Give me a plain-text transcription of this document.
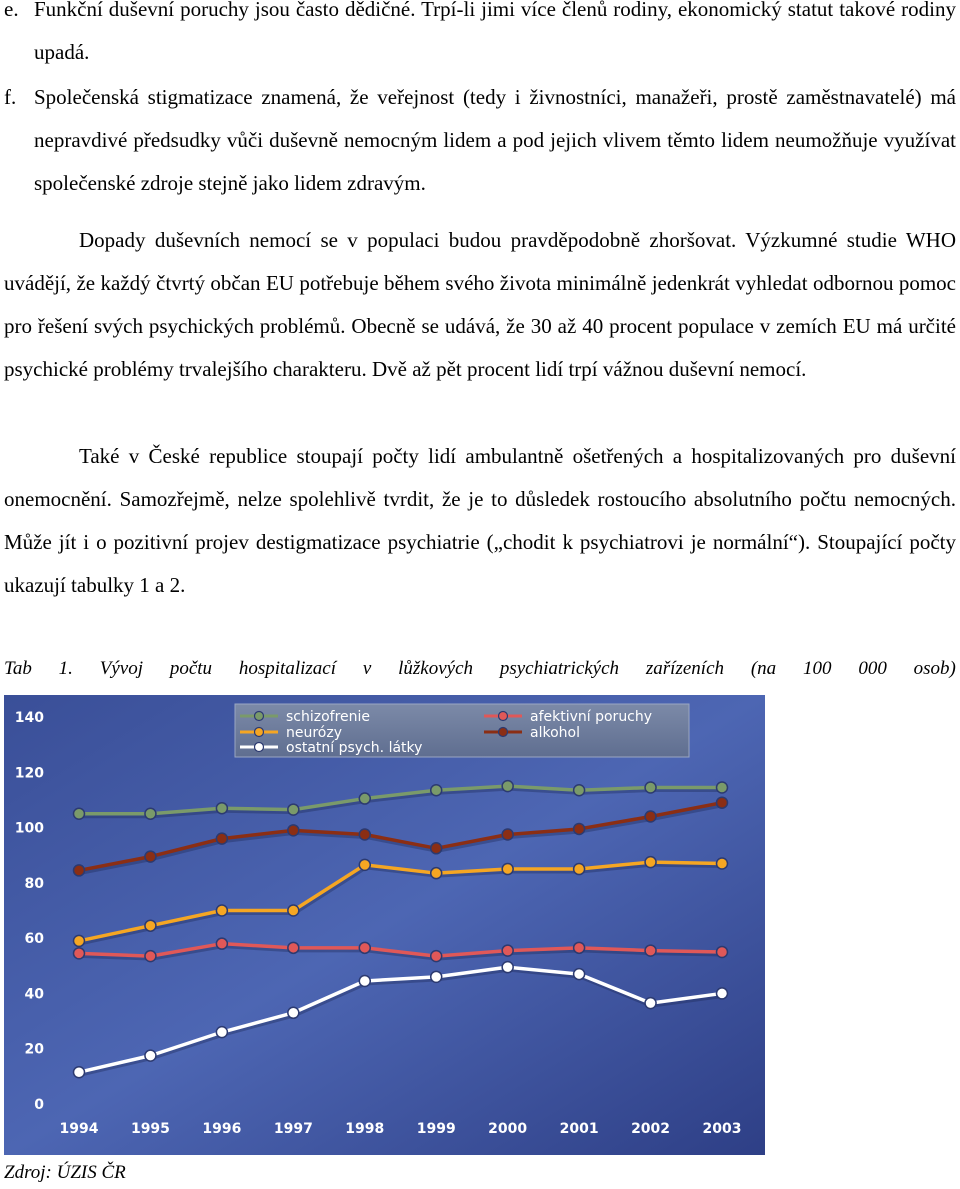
e. Funkční duševní poruchy jsou často dědičné. Trpí-li jimi více členů rodiny, ekonomický statut takové rodiny upadá.
f. Společenská stigmatizace znamená, že veřejnost (tedy i živnostníci, manažeři, prostě zaměstnavatelé) má nepravdivé předsudky vůči duševně nemocným lidem a pod jejich vlivem těmto lidem neumožňuje využívat společenské zdroje stejně jako lidem zdravým.
Dopady duševních nemocí se v populaci budou pravděpodobně zhoršovat. Výzkumné studie WHO uvádějí, že každý čtvrtý občan EU potřebuje během svého života minimálně jedenkrát vyhledat odbornou pomoc pro řešení svých psychických problémů. Obecně se udává, že 30 až 40 procent populace v zemích EU má určité psychické problémy trvalejšího charakteru. Dvě až pět procent lidí trpí vážnou duševní nemocí.
Také v České republice stoupají počty lidí ambulantně ošetřených a hospitalizovaných pro duševní onemocnění. Samozřejmě, nelze spolehlivě tvrdit, že je to důsledek rostoucího absolutního počtu nemocných. Může jít i o pozitivní projev destigmatizace psychiatrie („chodit k psychiatrovi je normální“). Stoupající počty ukazují tabulky 1 a 2.
Tab 1. Vývoj počtu hospitalizací v lůžkových psychiatrických zařízeních (na 100 000 osob)
0
20
40
60
80
100
120
140
1994 1995 1996 1997 1998 1999 2000 2001 2002 2003
schizofrenie	afektivní poruchy
neurózy	alkohol
ostatní psych. látky
Zdroj: ÚZIS ČR
